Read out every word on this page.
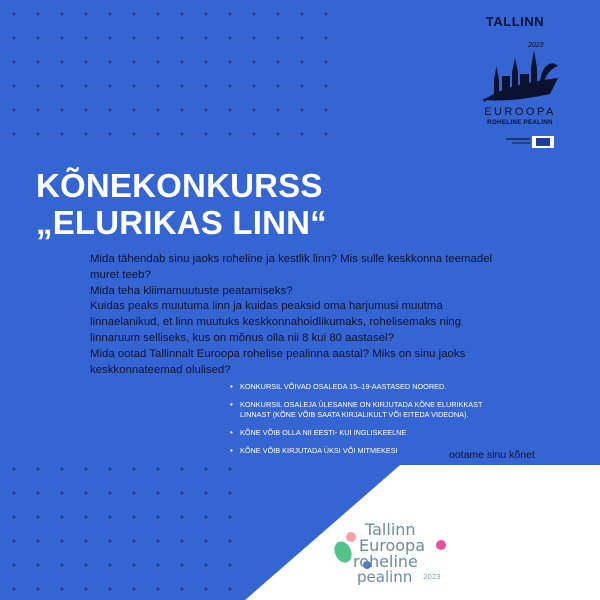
TALLINN
2023
★
EUROOPA
ROHELINE PEALINN
KÕNEKONKURSS
„ELURIKAS LINN“

Mida tähendab sinu jaoks roheline ja kestlik linn? Mis sulle keskkonna teemadel muret teeb?

Mida teha kliimamuutuste peatamiseks?

Kuidas peaks muutuma linn ja kuidas peaksid oma harjumusi muutma linnaelanikud, et linn muutuks keskkonnahoidlikumaks, rohelisemaks ning linnaruum selliseks, kus on mõnus olla nii 8 kui 80 aastasel?

Mida ootad Tallinnalt Euroopa rohelise pealinna aastal? Miks on sinu jaoks keskkonnateemad olulised?

• KONKURSIL VÕIVAD OSALEDA 15–19-AASTASED NOORED.
• KONKURSIL OSALEJA ÜLESANNE ON KIRJUTADA KÕNE ELURIKKAST LINNAST (KÕNE VÕIB SAATA KIRJALIKULT VÕI EITEDA VIDEONA).
• KÕNE VÕIB OLLA NII EESTI- KUI INGLISKEELNE
• KÕNE VÕIB KIRJUTADA ÜKSI VÕI MITMEKESI	ootame sinu kõnet
Tallinn
Euroopa
roheline
pealinn 2023
